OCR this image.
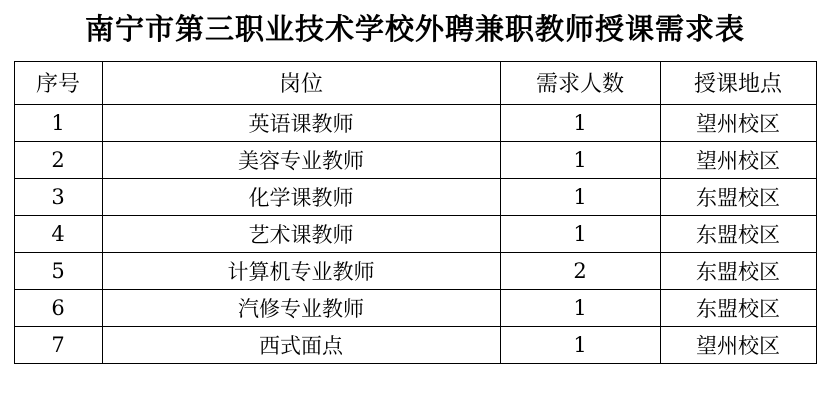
南宁市第三职业技术学校外聘兼职教师授课需求表
序号	岗位	需求人数	授课地点
1	英语课教师	1	望州校区
2	美容专业教师	1	望州校区
3	化学课教师	1	东盟校区
4	艺术课教师	1	东盟校区
5	计算机专业教师	2	东盟校区
6	汽修专业教师	1	东盟校区
7	西式面点	1	望州校区
